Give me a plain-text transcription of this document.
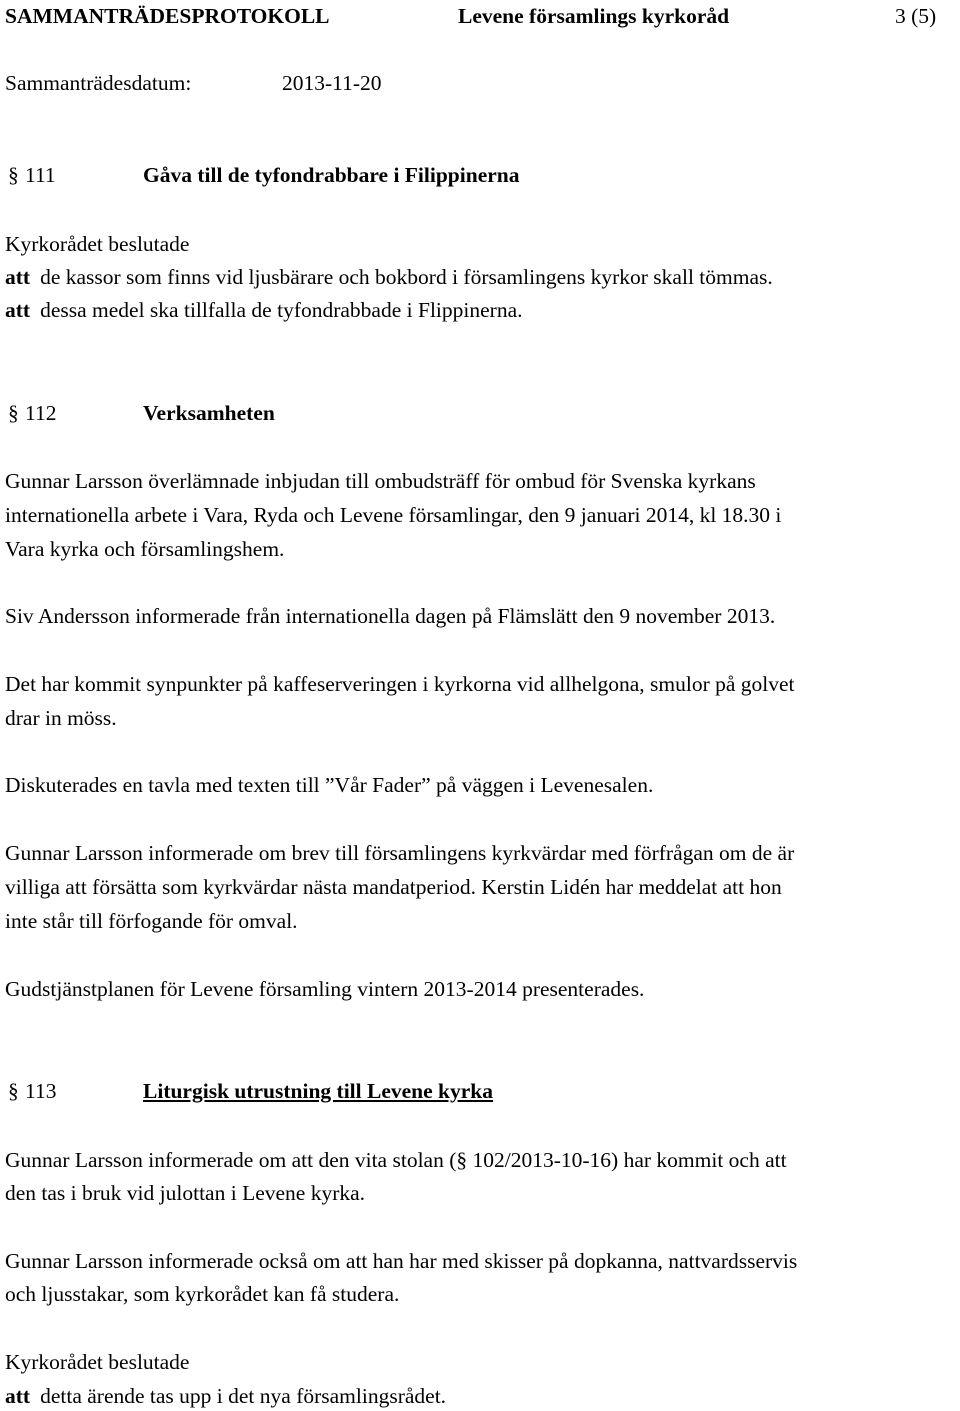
SAMMANTRÄDESPROTOKOLL	Levene församlings kyrkoråd	3 (5)
Sammanträdesdatum:	2013-11-20
§ 111	Gåva till de tyfondrabbare i Filippinerna
Kyrkorådet beslutade
att de kassor som finns vid ljusbärare och bokbord i församlingens kyrkor skall tömmas.
att dessa medel ska tillfalla de tyfondrabbade i Flippinerna.
§ 112	Verksamheten
Gunnar Larsson överlämnade inbjudan till ombudsträff för ombud för Svenska kyrkans
internationella arbete i Vara, Ryda och Levene församlingar, den 9 januari 2014, kl 18.30 i
Vara kyrka och församlingshem.
Siv Andersson informerade från internationella dagen på Flämslätt den 9 november 2013.
Det har kommit synpunkter på kaffeserveringen i kyrkorna vid allhelgona, smulor på golvet
drar in möss.
Diskuterades en tavla med texten till ”Vår Fader” på väggen i Levenesalen.
Gunnar Larsson informerade om brev till församlingens kyrkvärdar med förfrågan om de är
villiga att försätta som kyrkvärdar nästa mandatperiod. Kerstin Lidén har meddelat att hon
inte står till förfogande för omval.
Gudstjänstplanen för Levene församling vintern 2013-2014 presenterades.
§ 113	Liturgisk utrustning till Levene kyrka
Gunnar Larsson informerade om att den vita stolan (§ 102/2013-10-16) har kommit och att
den tas i bruk vid julottan i Levene kyrka.
Gunnar Larsson informerade också om att han har med skisser på dopkanna, nattvardsservis
och ljusstakar, som kyrkorådet kan få studera.
Kyrkorådet beslutade
att detta ärende tas upp i det nya församlingsrådet.
